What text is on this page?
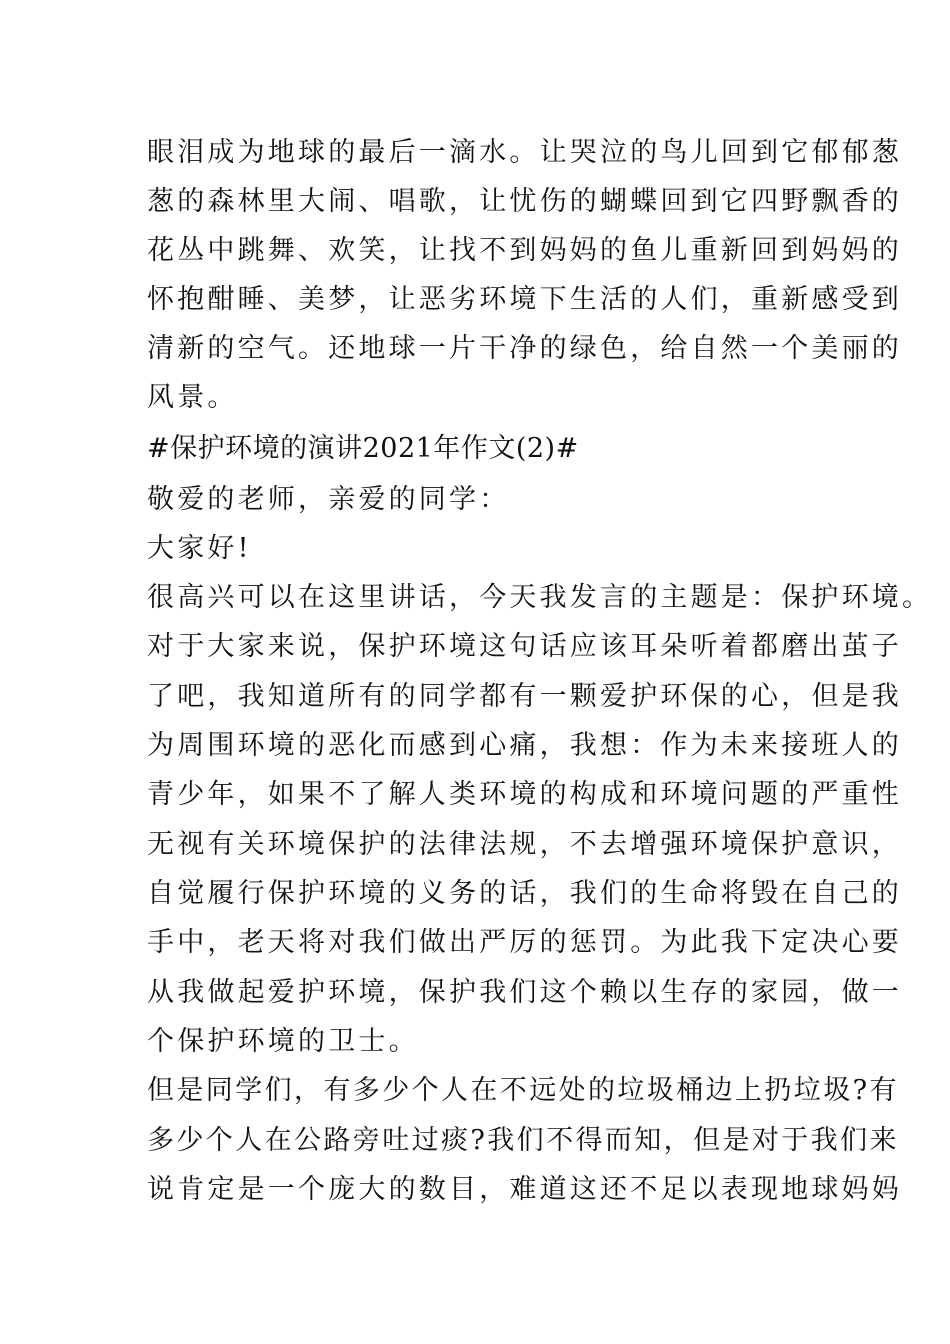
眼泪成为地球的最后一滴水。让哭泣的鸟儿回到它郁郁葱
葱的森林里大闹、唱歌，让忧伤的蝴蝶回到它四野飘香的
花丛中跳舞、欢笑，让找不到妈妈的鱼儿重新回到妈妈的
怀抱酣睡、美梦，让恶劣环境下生活的人们，重新感受到
清新的空气。还地球一片干净的绿色，给自然一个美丽的
风景。
#保护环境的演讲2021年作文(2)#
敬爱的老师，亲爱的同学：
大家好!
很高兴可以在这里讲话，今天我发言的主题是：保护环境。
对于大家来说，保护环境这句话应该耳朵听着都磨出茧子
了吧，我知道所有的同学都有一颗爱护环保的心，但是我
为周围环境的恶化而感到心痛，我想：作为未来接班人的
青少年，如果不了解人类环境的构成和环境问题的严重性
无视有关环境保护的法律法规，不去增强环境保护意识，
自觉履行保护环境的义务的话，我们的生命将毁在自己的
手中，老天将对我们做出严厉的惩罚。为此我下定决心要
从我做起爱护环境，保护我们这个赖以生存的家园，做一
个保护环境的卫士。
但是同学们，有多少个人在不远处的垃圾桶边上扔垃圾?有
多少个人在公路旁吐过痰?我们不得而知，但是对于我们来
说肯定是一个庞大的数目，难道这还不足以表现地球妈妈
